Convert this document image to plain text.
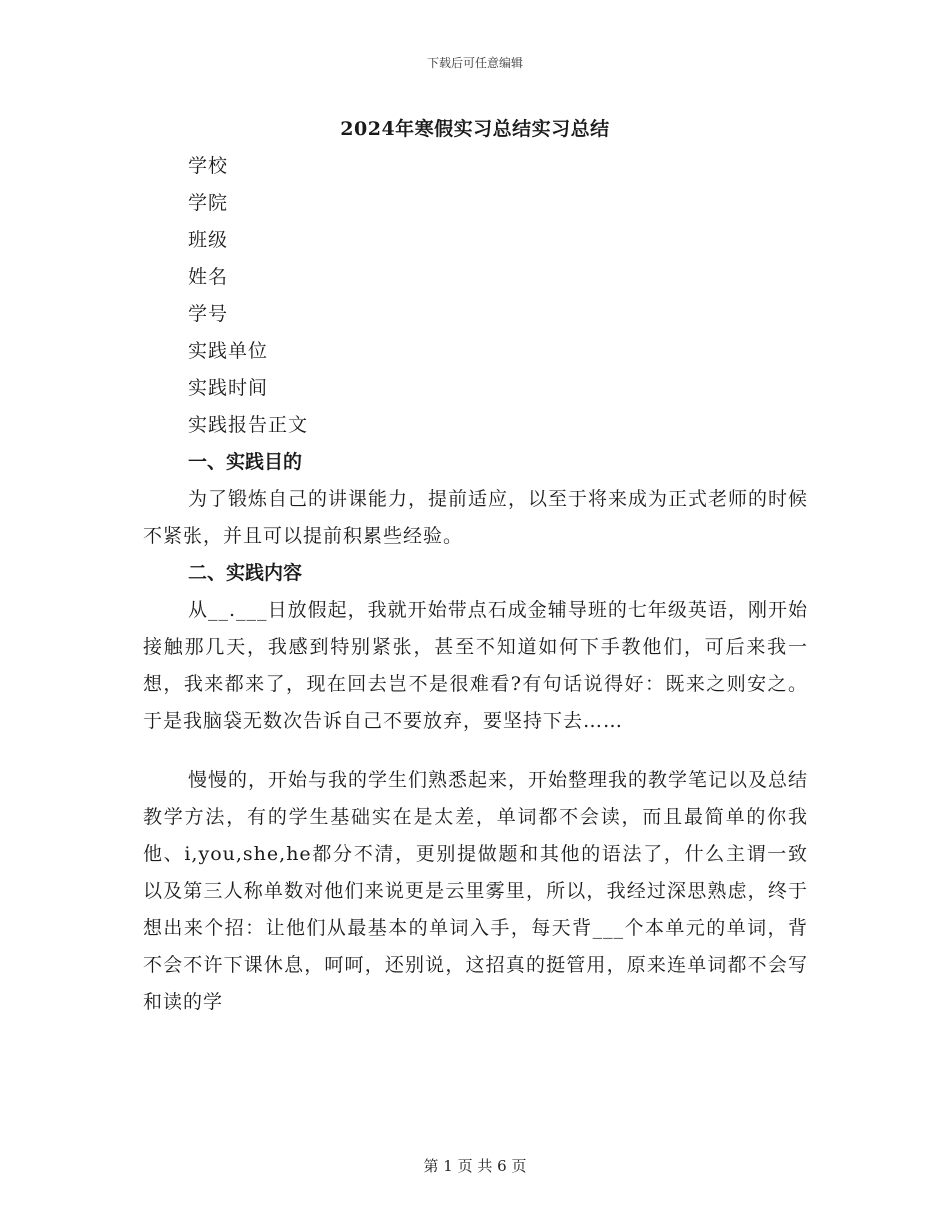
下载后可任意编辑
2024年寒假实习总结实习总结
学校
学院
班级
姓名
学号
实践单位
实践时间
实践报告正文
一、实践目的

为了锻炼自己的讲课能力，提前适应，以至于将来成为正式老师的时候不紧张，并且可以提前积累些经验。

二、实践内容

从__.___日放假起，我就开始带点石成金辅导班的七年级英语，刚开始接触那几天，我感到特别紧张，甚至不知道如何下手教他们，可后来我一想，我来都来了，现在回去岂不是很难看?有句话说得好：既来之则安之。于是我脑袋无数次告诉自己不要放弃，要坚持下去……

慢慢的，开始与我的学生们熟悉起来，开始整理我的教学笔记以及总结教学方法，有的学生基础实在是太差，单词都不会读，而且最简单的你我他、i,you,she,he都分不清，更别提做题和其他的语法了，什么主谓一致以及第三人称单数对他们来说更是云里雾里，所以，我经过深思熟虑，终于想出来个招：让他们从最基本的单词入手，每天背___个本单元的单词，背不会不许下课休息，呵呵，还别说，这招真的挺管用，原来连单词都不会写和读的学

第 1 页 共 6 页
